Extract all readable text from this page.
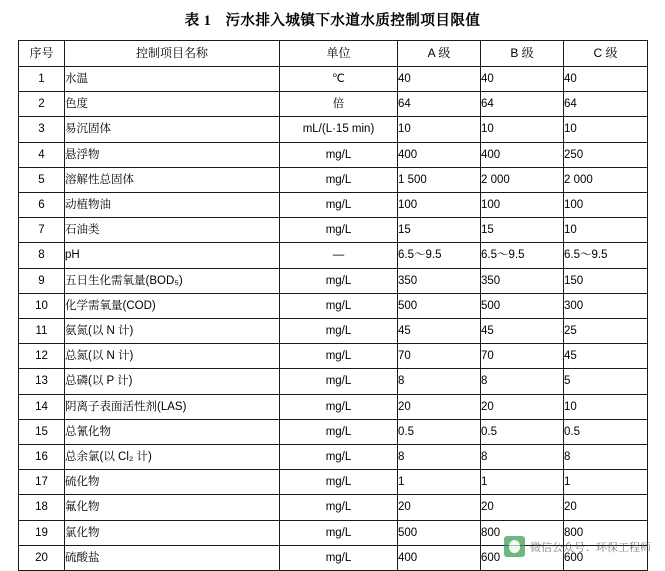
表 1 污水排入城镇下水道水质控制项目限值
序号	控制项目名称	单位	A 级	B 级	C 级
1	水温	℃	40	40	40
2	色度	倍	64	64	64
3	易沉固体	mL/(L·15 min)	10	10	10
4	悬浮物	mg/L	400	400	250
5	溶解性总固体	mg/L	1 500	2 000	2 000
6	动植物油	mg/L	100	100	100
7	石油类	mg/L	15	15	10
8	pH	—	6.5～9.5	6.5～9.5	6.5～9.5
9	五日生化需氧量(BOD₅)	mg/L	350	350	150
10	化学需氧量(COD)	mg/L	500	500	300
11	氨氮(以 N 计)	mg/L	45	45	25
12	总氮(以 N 计)	mg/L	70	70	45
13	总磷(以 P 计)	mg/L	8	8	5
14	阴离子表面活性剂(LAS)	mg/L	20	20	10
15	总氰化物	mg/L	0.5	0.5	0.5
16	总余氯(以 Cl₂ 计)	mg/L	8	8	8
17	硫化物	mg/L	1	1	1
18	氟化物	mg/L	20	20	20
19	氯化物	mg/L	500	800	800
20	硫酸盐	mg/L	400	600	600
微信公众号：环保工程师
